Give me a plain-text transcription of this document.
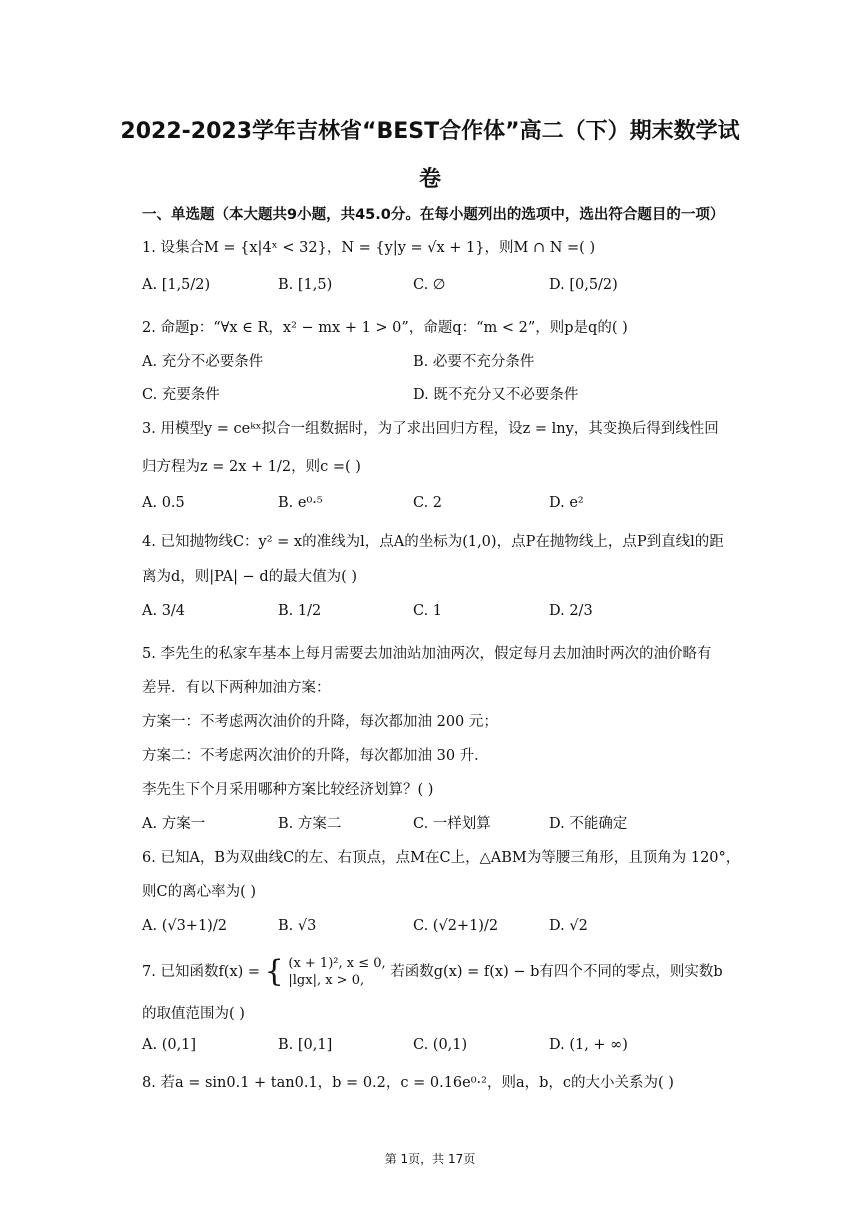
2022-2023学年吉林省“BEST合作体”高二（下）期末数学试
卷
一、单选题（本大题共9小题，共45.0分。在每小题列出的选项中，选出符合题目的一项）
1. 设集合M = {x|4ˣ < 32}，N = {y|y = √x + 1}，则M ∩ N =( )
A. [1,5/2)	B. [1,5)	C. ∅	D. [0,5/2)
2. 命题p：“∀x ∈ R，x² − mx + 1 > 0”，命题q：“m < 2”，则p是q的( )
A. 充分不必要条件	B. 必要不充分条件
C. 充要条件	D. 既不充分又不必要条件
3. 用模型y = ceᵏˣ拟合一组数据时，为了求出回归方程，设z = lny，其变换后得到线性回
归方程为z = 2x + 1/2，则c =( )
A. 0.5	B. e⁰·⁵	C. 2	D. e²
4. 已知抛物线C：y² = x的准线为l，点A的坐标为(1,0)，点P在抛物线上，点P到直线l的距
离为d，则|PA| − d的最大值为( )
A. 3/4	B. 1/2	C. 1	D. 2/3
5. 李先生的私家车基本上每月需要去加油站加油两次，假定每月去加油时两次的油价略有
差异．有以下两种加油方案：
方案一：不考虑两次油价的升降，每次都加油 200 元；
方案二：不考虑两次油价的升降，每次都加油 30 升．
李先生下个月采用哪种方案比较经济划算？( )
A. 方案一	B. 方案二	C. 一样划算	D. 不能确定
6. 已知A，B为双曲线C的左、右顶点，点M在C上，△ABM为等腰三角形，且顶角为 120°，
则C的离心率为( )
A. (√3+1)/2	B. √3	C. (√2+1)/2	D. √2
7. 已知函数f(x) = { (x + 1)², x ≤ 0,
|lgx|, x > 0,
若函数g(x) = f(x) − b有四个不同的零点，则实数b
的取值范围为( )
A. (0,1]	B. [0,1]	C. (0,1)	D. (1, + ∞)
8. 若a = sin0.1 + tan0.1，b = 0.2，c = 0.16e⁰·²，则a，b，c的大小关系为( )
第 1页，共 17页
